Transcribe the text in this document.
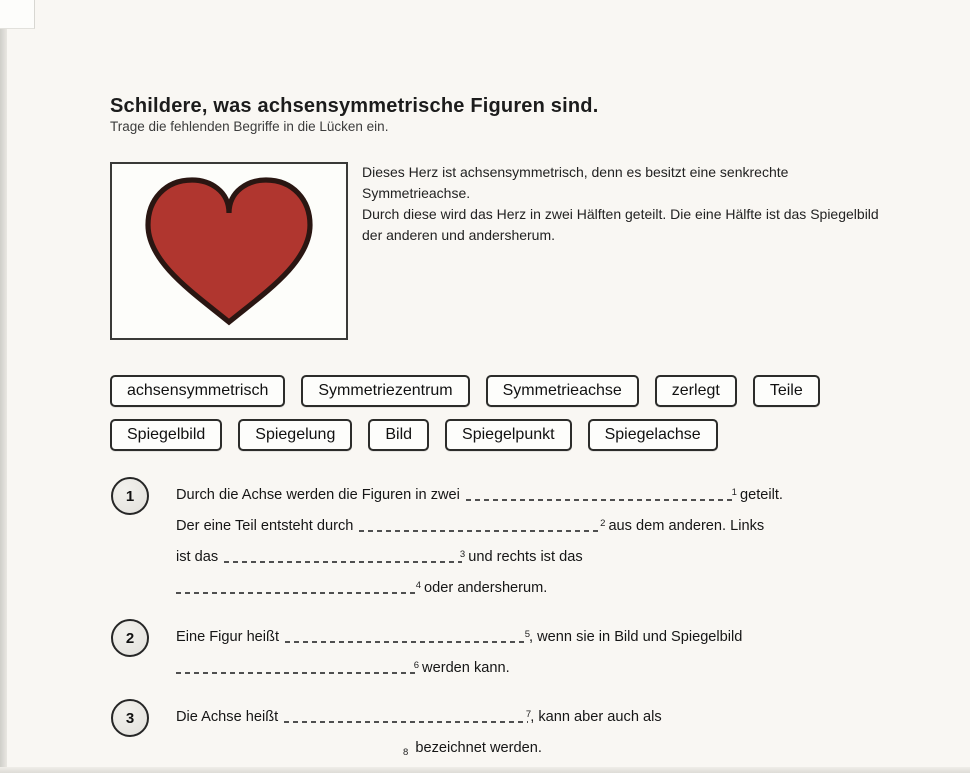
Schildere, was achsensymmetrische Figuren sind.
Trage die fehlenden Begriffe in die Lücken ein.

Dieses Herz ist achsensymmetrisch, denn es besitzt eine senkrechte Symmetrieachse.

Durch diese wird das Herz in zwei Hälften geteilt. Die eine Hälfte ist das Spiegelbild der anderen und andersherum.

achsensymmetrisch	Symmetriezentrum	Symmetrieachse	zerlegt	Teile
Spiegelbild	Spiegelung	Bild	Spiegelpunkt	Spiegelachse
1	Durch die Achse werden die Figuren in zwei	1 geteilt.
Der eine Teil entsteht durch	2 aus dem anderen. Links
ist das	3 und rechts ist das
4 oder andersherum.
2	Eine Figur heißt	5 , wenn sie in Bild und Spiegelbild
6 werden kann.
3	Die Achse heißt	7 , kann aber auch als
$_8$ bezeichnet werden.
